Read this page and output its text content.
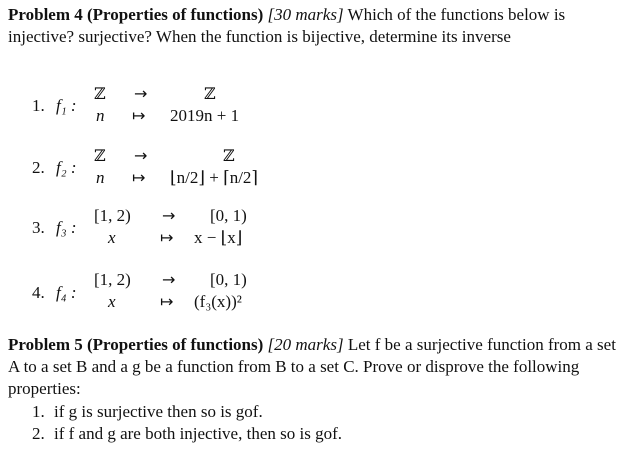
Problem 4 (Properties of functions) [30 marks] Which of the functions below is injective? surjective? When the function is bijective, determine its inverse
1. f₁ :
ℤ →	ℤ
n ↦ 2019n + 1
2. f₂ :
ℤ →	ℤ
n ↦ ⌊n/2⌋ + ⌈n/2⌉
3. f₃ :
[1, 2) → [0, 1)
x	↦ x − ⌊x⌋
4. f₄ :
[1, 2) → [0, 1)
x	↦ (f₃(x))²
Problem 5 (Properties of functions) [20 marks] Let f be a surjective function from a set A to a set B and a g be a function from B to a set C. Prove or disprove the following properties:
1. if g is surjective then so is gof.
2. if f and g are both injective, then so is gof.
